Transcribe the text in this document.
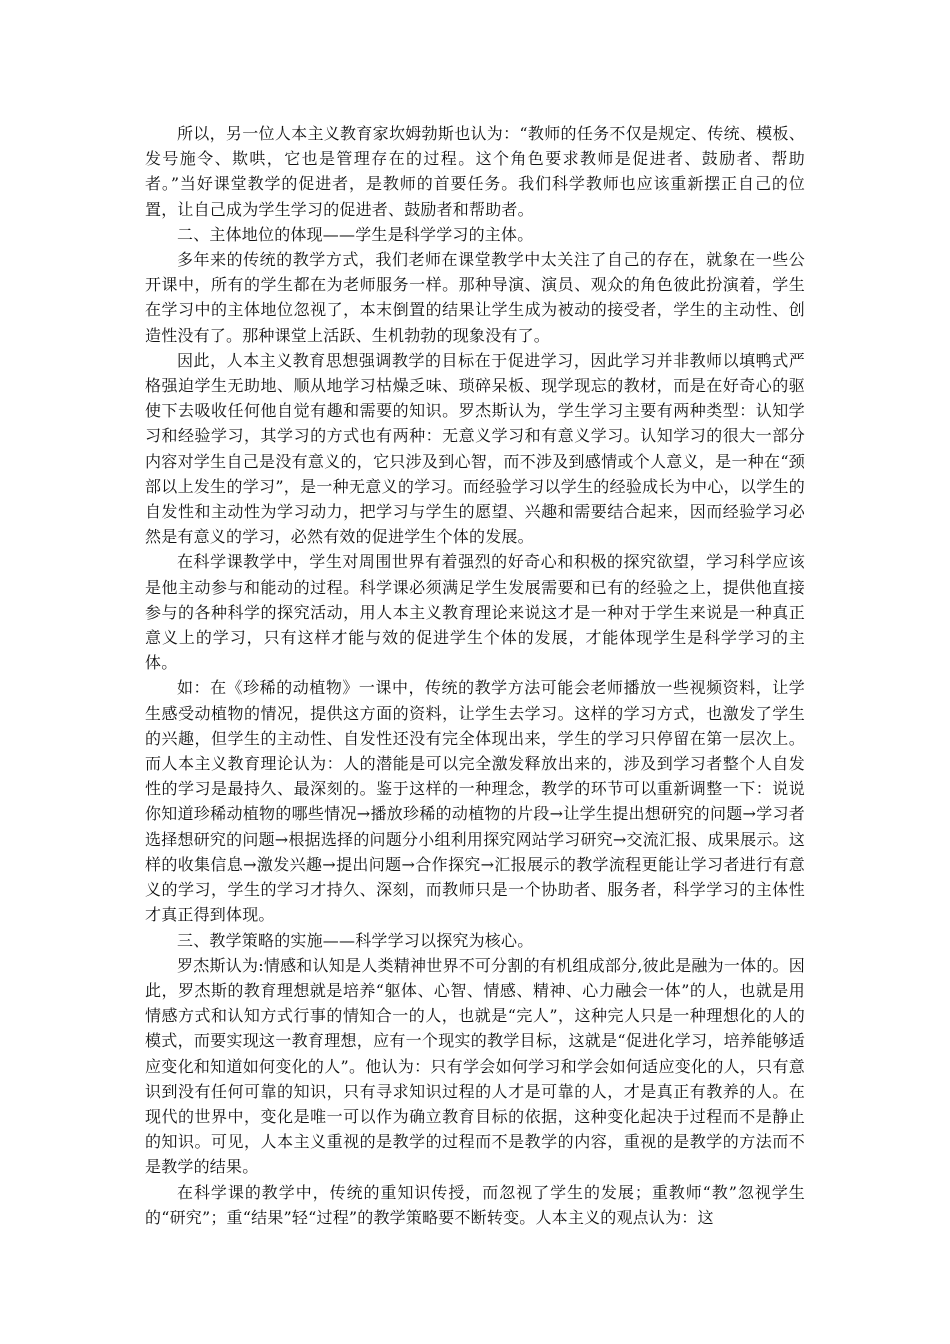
所以，另一位人本主义教育家坎姆勃斯也认为：“教师的任务不仅是规定、传统、模板、发号施令、欺哄，它也是管理存在的过程。这个角色要求教师是促进者、鼓励者、帮助者。”当好课堂教学的促进者，是教师的首要任务。我们科学教师也应该重新摆正自己的位置，让自己成为学生学习的促进者、鼓励者和帮助者。

二、主体地位的体现——学生是科学学习的主体。

多年来的传统的教学方式，我们老师在课堂教学中太关注了自己的存在，就象在一些公开课中，所有的学生都在为老师服务一样。那种导演、演员、观众的角色彼此扮演着，学生在学习中的主体地位忽视了，本末倒置的结果让学生成为被动的接受者，学生的主动性、创造性没有了。那种课堂上活跃、生机勃勃的现象没有了。

因此，人本主义教育思想强调教学的目标在于促进学习，因此学习并非教师以填鸭式严格强迫学生无助地、顺从地学习枯燥乏味、琐碎呆板、现学现忘的教材，而是在好奇心的驱使下去吸收任何他自觉有趣和需要的知识。罗杰斯认为，学生学习主要有两种类型：认知学习和经验学习，其学习的方式也有两种：无意义学习和有意义学习。认知学习的很大一部分内容对学生自己是没有意义的，它只涉及到心智，而不涉及到感情或个人意义，是一种在“颈部以上发生的学习”，是一种无意义的学习。而经验学习以学生的经验成长为中心，以学生的自发性和主动性为学习动力，把学习与学生的愿望、兴趣和需要结合起来，因而经验学习必然是有意义的学习，必然有效的促进学生个体的发展。

在科学课教学中，学生对周围世界有着强烈的好奇心和积极的探究欲望，学习科学应该是他主动参与和能动的过程。科学课必须满足学生发展需要和已有的经验之上，提供他直接参与的各种科学的探究活动，用人本主义教育理论来说这才是一种对于学生来说是一种真正意义上的学习，只有这样才能与效的促进学生个体的发展，才能体现学生是科学学习的主体。

如：在《珍稀的动植物》一课中，传统的教学方法可能会老师播放一些视频资料，让学生感受动植物的情况，提供这方面的资料，让学生去学习。这样的学习方式，也激发了学生的兴趣，但学生的主动性、自发性还没有完全体现出来，学生的学习只停留在第一层次上。而人本主义教育理论认为：人的潜能是可以完全激发释放出来的，涉及到学习者整个人自发性的学习是最持久、最深刻的。鉴于这样的一种理念，教学的环节可以重新调整一下：说说你知道珍稀动植物的哪些情况→播放珍稀的动植物的片段→让学生提出想研究的问题→学习者选择想研究的问题→根据选择的问题分小组利用探究网站学习研究→交流汇报、成果展示。这样的收集信息→激发兴趣→提出问题→合作探究→汇报展示的教学流程更能让学习者进行有意义的学习，学生的学习才持久、深刻，而教师只是一个协助者、服务者，科学学习的主体性才真正得到体现。

三、教学策略的实施——科学学习以探究为核心。

罗杰斯认为:情感和认知是人类精神世界不可分割的有机组成部分,彼此是融为一体的。因此，罗杰斯的教育理想就是培养“躯体、心智、情感、精神、心力融会一体”的人，也就是用情感方式和认知方式行事的情知合一的人，也就是“完人”，这种完人只是一种理想化的人的模式，而要实现这一教育理想，应有一个现实的教学目标，这就是“促进化学习，培养能够适应变化和知道如何变化的人”。他认为：只有学会如何学习和学会如何适应变化的人，只有意识到没有任何可靠的知识，只有寻求知识过程的人才是可靠的人，才是真正有教养的人。在现代的世界中，变化是唯一可以作为确立教育目标的依据，这种变化起决于过程而不是静止的知识。可见，人本主义重视的是教学的过程而不是教学的内容，重视的是教学的方法而不是教学的结果。

在科学课的教学中，传统的重知识传授，而忽视了学生的发展；重教师“教”忽视学生的“研究”；重“结果”轻“过程”的教学策略要不断转变。人本主义的观点认为：这
